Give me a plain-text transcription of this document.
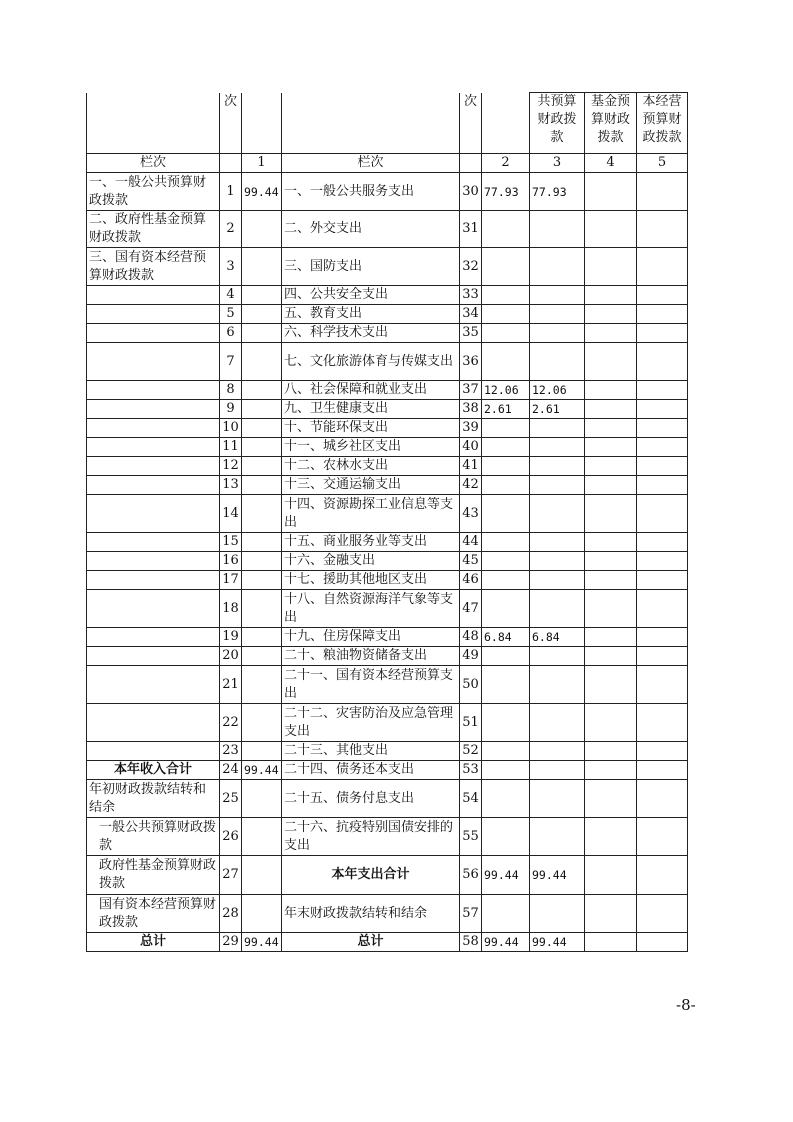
	次			次		共预算财政拨款	基金预算财政拨款	本经营预算财政拨款
栏次		1	栏次		2	3	4	5
一、一般公共预算财政拨款	1	99.44	一、一般公共服务支出	30	77.93	77.93		
二、政府性基金预算财政拨款	2		二、外交支出	31				
三、国有资本经营预算财政拨款	3		三、国防支出	32				
	4		四、公共安全支出	33				
	5		五、教育支出	34				
	6		六、科学技术支出	35				
	7		七、文化旅游体育与传媒支出	36				
	8		八、社会保障和就业支出	37	12.06	12.06		
	9		九、卫生健康支出	38	2.61	2.61		
	10		十、节能环保支出	39				
	11		十一、城乡社区支出	40				
	12		十二、农林水支出	41				
	13		十三、交通运输支出	42				
	14		十四、资源勘探工业信息等支出	43				
	15		十五、商业服务业等支出	44				
	16		十六、金融支出	45				
	17		十七、援助其他地区支出	46				
	18		十八、自然资源海洋气象等支出	47				
	19		十九、住房保障支出	48	6.84	6.84		
	20		二十、粮油物资储备支出	49				
	21		二十一、国有资本经营预算支出	50				
	22		二十二、灾害防治及应急管理支出	51				
	23		二十三、其他支出	52				
本年收入合计	24	99.44	二十四、债务还本支出	53				
年初财政拨款结转和结余	25		二十五、债务付息支出	54				
一般公共预算财政拨款	26		二十六、抗疫特别国债安排的支出	55				
政府性基金预算财政拨款	27		本年支出合计	56	99.44	99.44		
国有资本经营预算财政拨款	28		年末财政拨款结转和结余	57				
总计	29	99.44	总计	58	99.44	99.44		
-8-
